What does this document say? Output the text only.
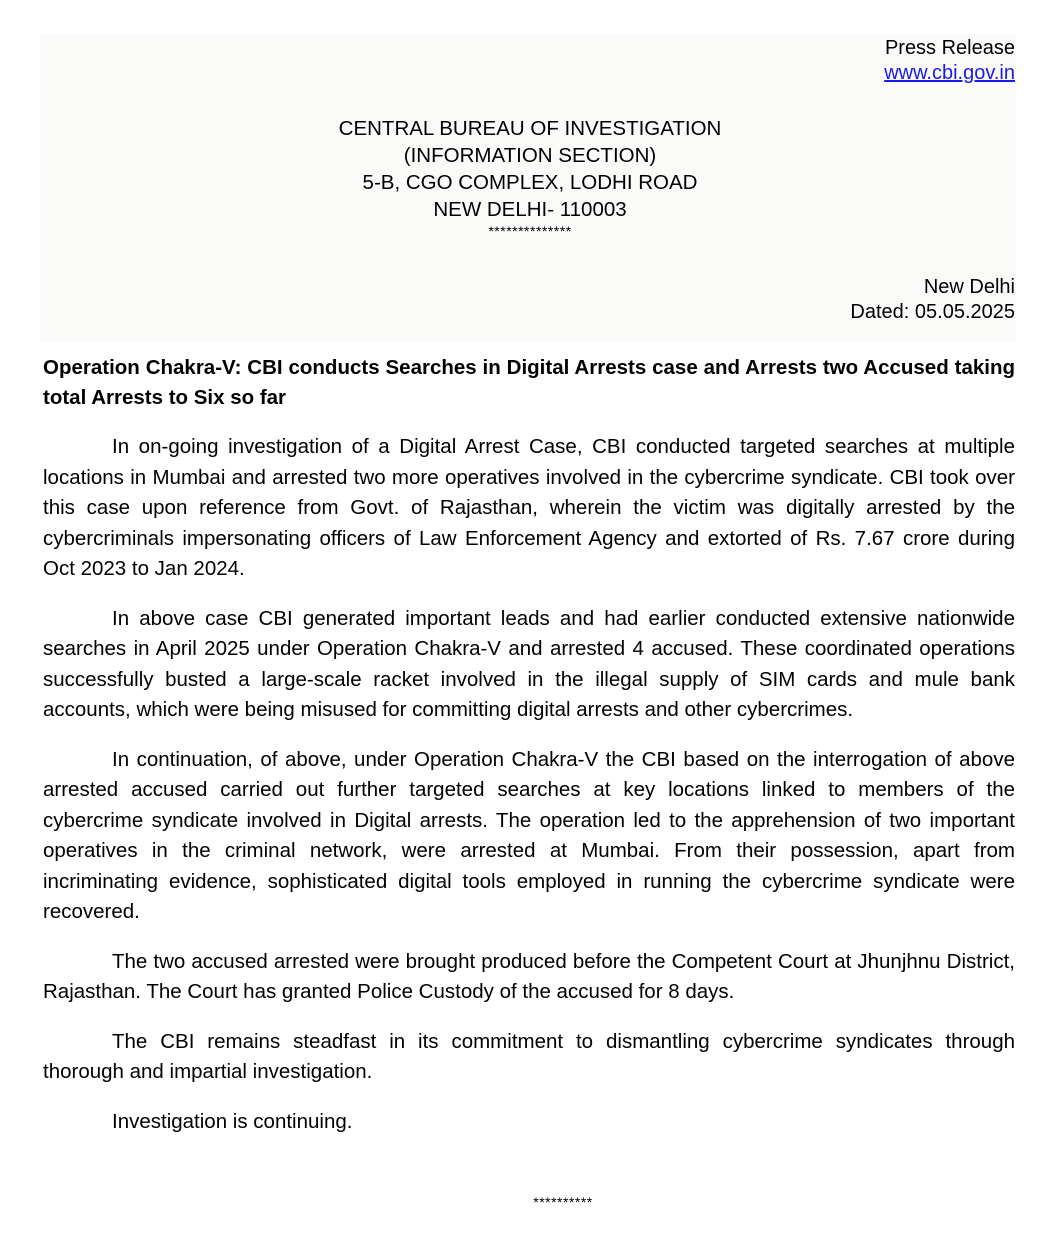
Press Release
www.cbi.gov.in
CENTRAL BUREAU OF INVESTIGATION
(INFORMATION SECTION)
5-B, CGO COMPLEX, LODHI ROAD
NEW DELHI- 110003
**************
New Delhi
Dated: 05.05.2025
Operation Chakra-V: CBI conducts Searches in Digital Arrests case and Arrests two Accused taking total Arrests to Six so far

In on-going investigation of a Digital Arrest Case, CBI conducted targeted searches at multiple locations in Mumbai and arrested two more operatives involved in the cybercrime syndicate. CBI took over this case upon reference from Govt. of Rajasthan, wherein the victim was digitally arrested by the cybercriminals impersonating officers of Law Enforcement Agency and extorted of Rs. 7.67 crore during Oct 2023 to Jan 2024.

In above case CBI generated important leads and had earlier conducted extensive nationwide searches in April 2025 under Operation Chakra-V and arrested 4 accused. These coordinated operations successfully busted a large-scale racket involved in the illegal supply of SIM cards and mule bank accounts, which were being misused for committing digital arrests and other cybercrimes.

In continuation, of above, under Operation Chakra-V the CBI based on the interrogation of above arrested accused carried out further targeted searches at key locations linked to members of the cybercrime syndicate involved in Digital arrests. The operation led to the apprehension of two important operatives in the criminal network, were arrested at Mumbai. From their possession, apart from incriminating evidence, sophisticated digital tools employed in running the cybercrime syndicate were recovered.

The two accused arrested were brought produced before the Competent Court at Jhunjhnu District, Rajasthan. The Court has granted Police Custody of the accused for 8 days.

The CBI remains steadfast in its commitment to dismantling cybercrime syndicates through thorough and impartial investigation.

Investigation is continuing.

**********
